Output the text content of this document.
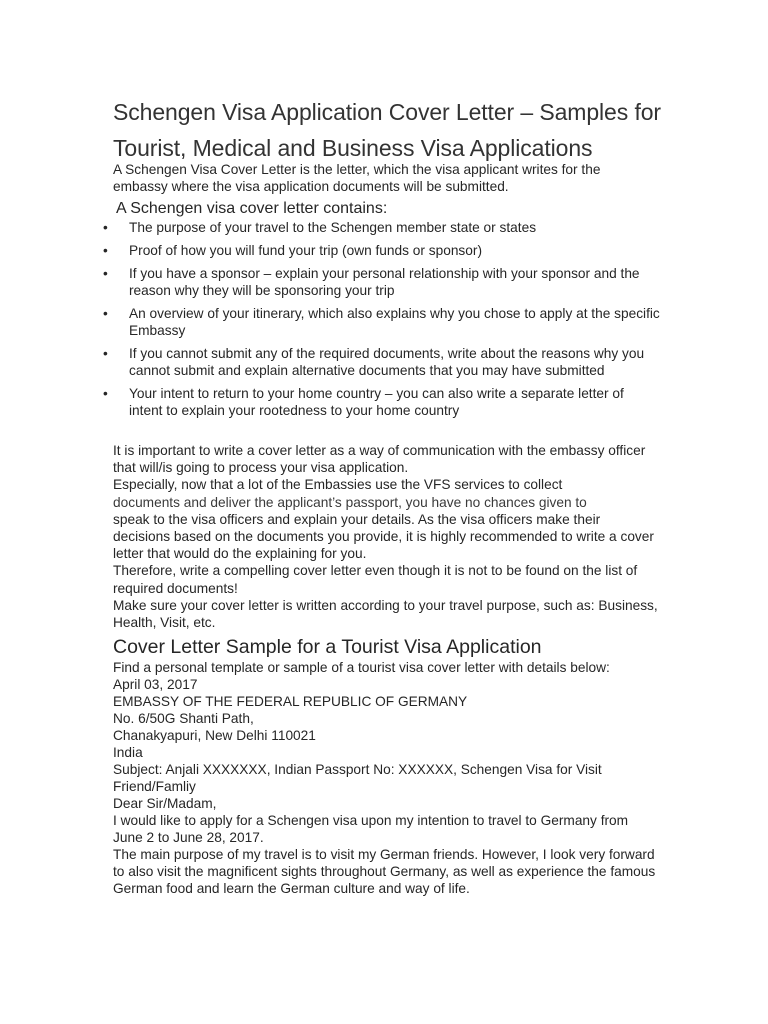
Schengen Visa Application Cover Letter – Samples for Tourist, Medical and Business Visa Applications

A Schengen Visa Cover Letter is the letter, which the visa applicant writes for the embassy where the visa application documents will be submitted.

A Schengen visa cover letter contains:
• The purpose of your travel to the Schengen member state or states
• Proof of how you will fund your trip (own funds or sponsor)
• If you have a sponsor – explain your personal relationship with your sponsor and the reason why they will be sponsoring your trip
• An overview of your itinerary, which also explains why you chose to apply at the specific Embassy
• If you cannot submit any of the required documents, write about the reasons why you cannot submit and explain alternative documents that you may have submitted
• Your intent to return to your home country – you can also write a separate letter of intent to explain your rootedness to your home country

It is important to write a cover letter as a way of communication with the embassy officer that will/is going to process your visa application.

Especially, now that a lot of the Embassies use the VFS services to collect

documents and deliver the applicant’s passport, you have no chances given to

speak to the visa officers and explain your details. As the visa officers make their decisions based on the documents you provide, it is highly recommended to write a cover letter that would do the explaining for you.

Therefore, write a compelling cover letter even though it is not to be found on the list of required documents!

Make sure your cover letter is written according to your travel purpose, such as: Business, Health, Visit, etc.

Cover Letter Sample for a Tourist Visa Application

Find a personal template or sample of a tourist visa cover letter with details below:

April 03, 2017

EMBASSY OF THE FEDERAL REPUBLIC OF GERMANY

No. 6/50G Shanti Path,

Chanakyapuri, New Delhi 110021

India

Subject: Anjali XXXXXXX, Indian Passport No: XXXXXX, Schengen Visa for Visit Friend/Famliy

Dear Sir/Madam,

I would like to apply for a Schengen visa upon my intention to travel to Germany from June 2 to June 28, 2017.

The main purpose of my travel is to visit my German friends. However, I look very forward to also visit the magnificent sights throughout Germany, as well as experience the famous German food and learn the German culture and way of life.
